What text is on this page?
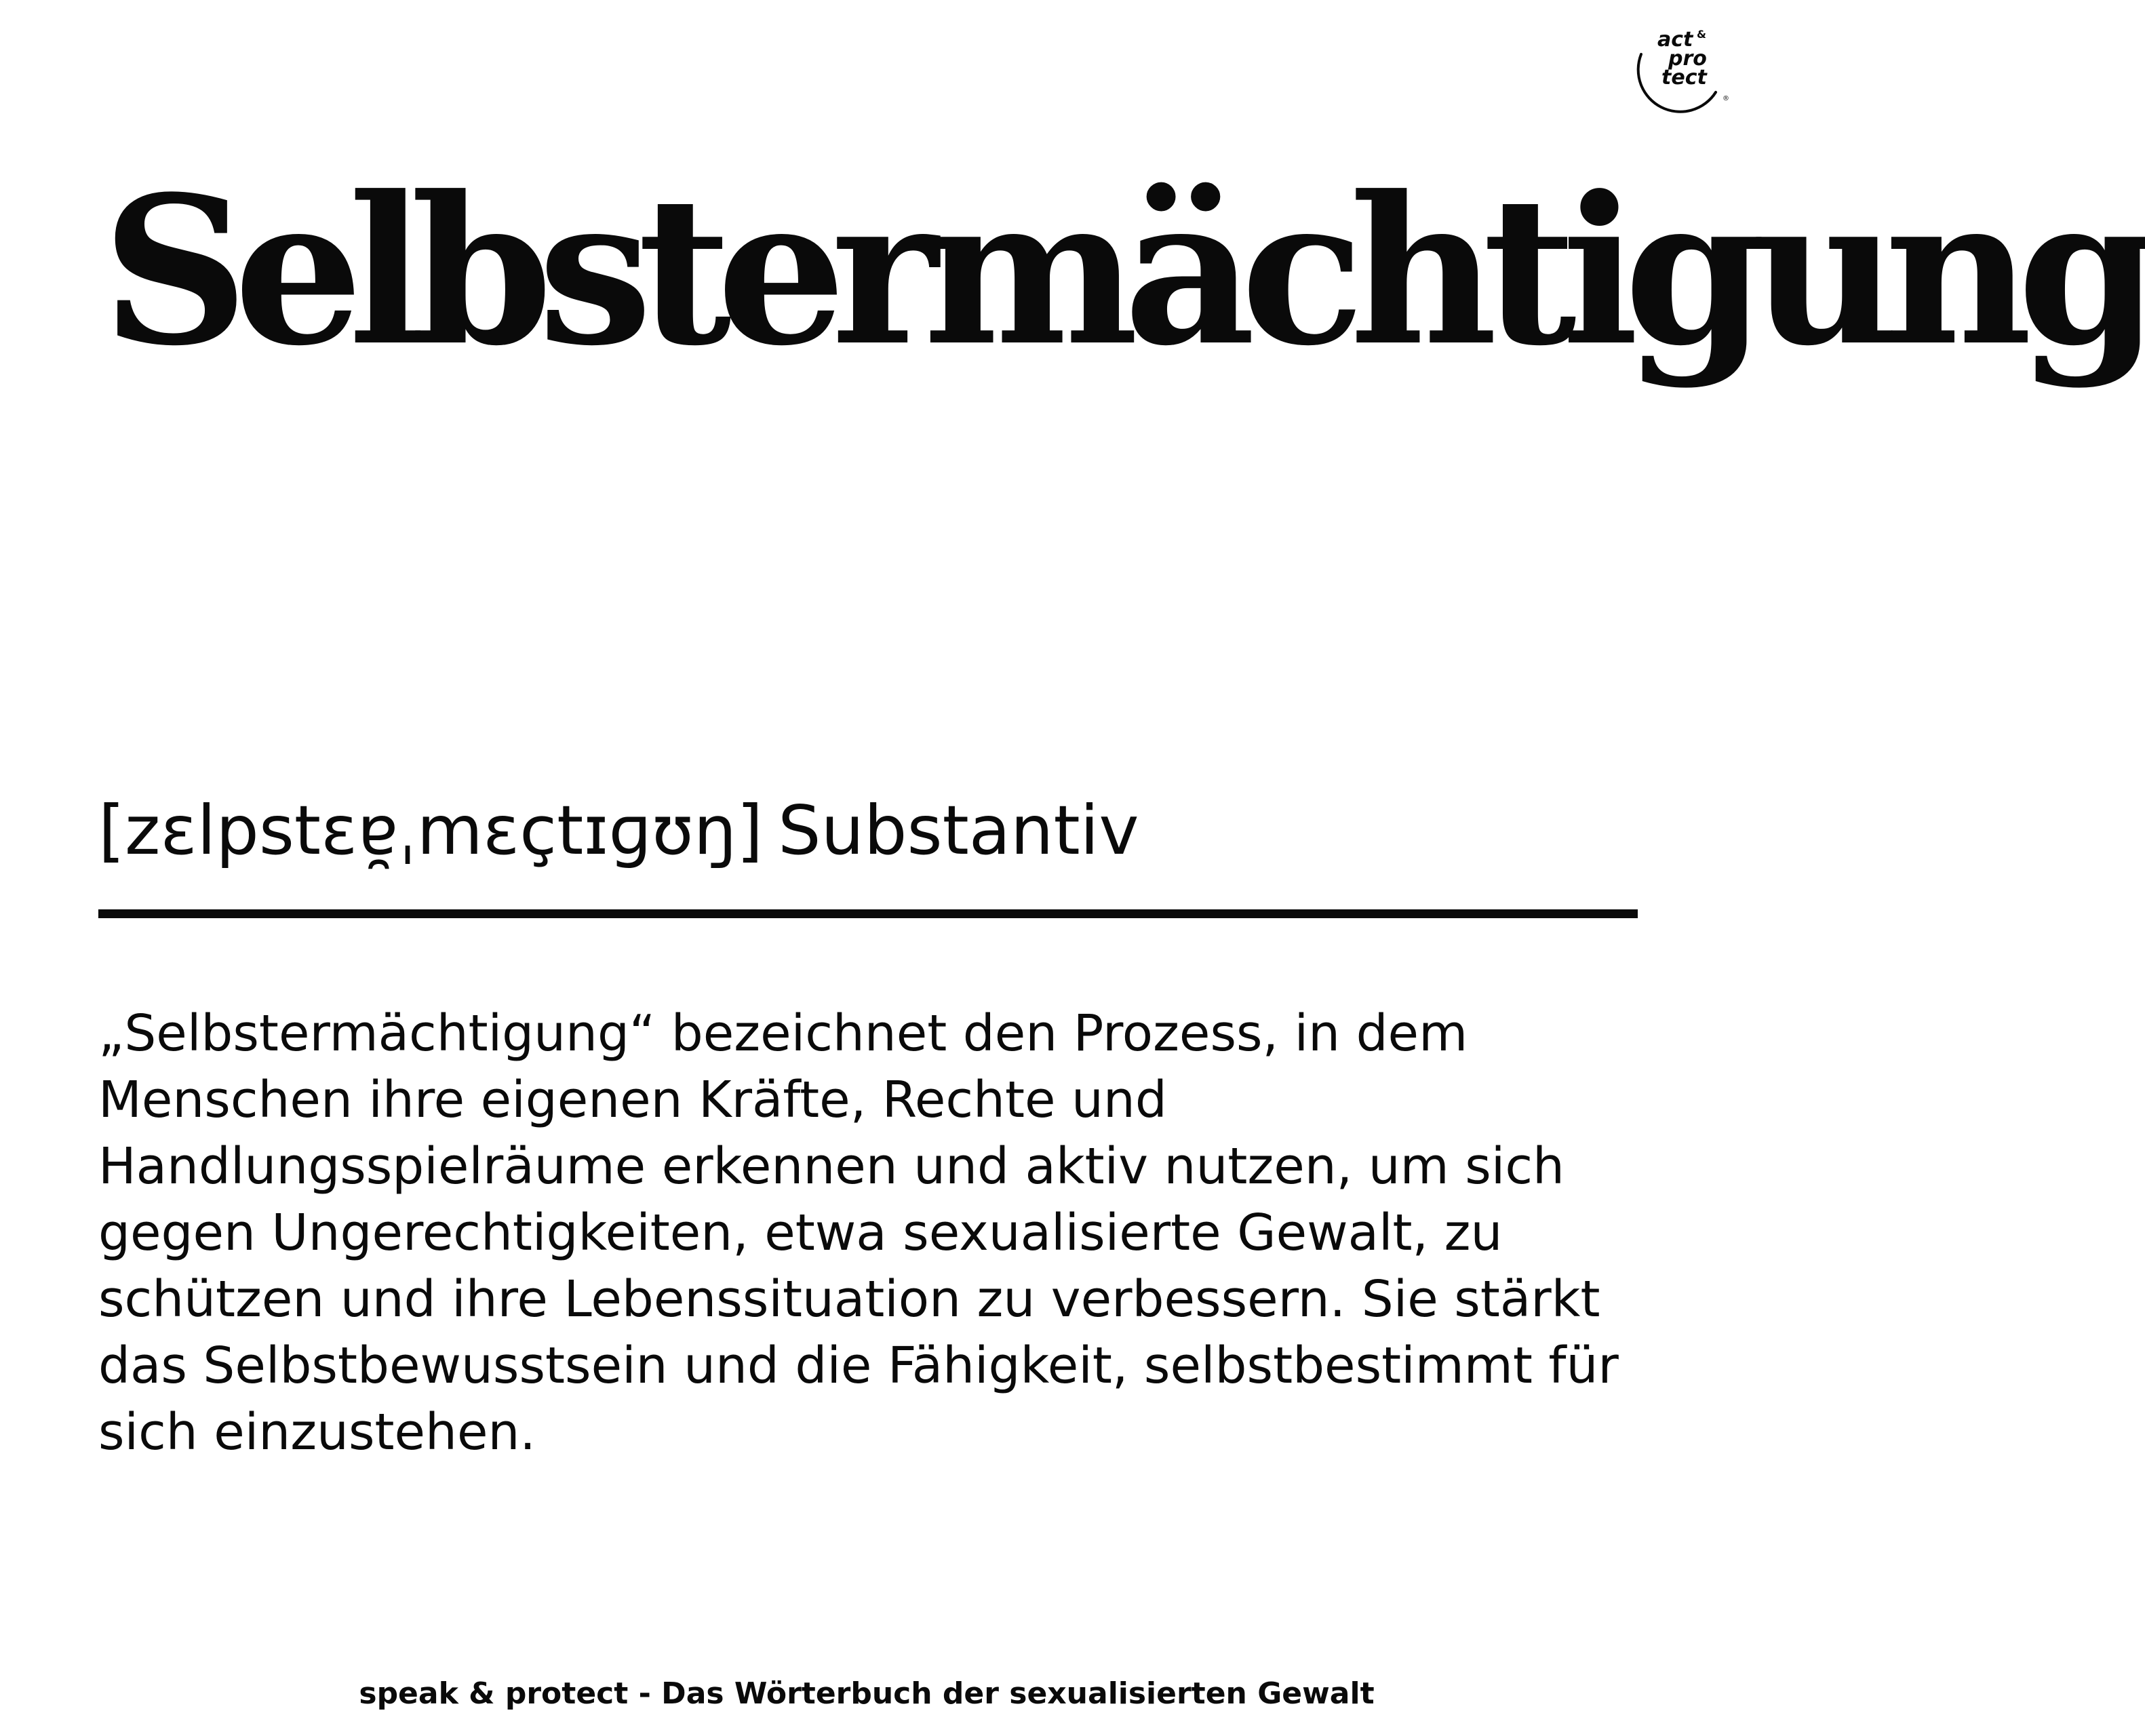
act &
pro
tect
®
Selbstermächtigung
[zɛlpstɛɐ̯ˌmɛçtɪɡʊŋ] Substantiv

„Selbstermächtigung“ bezeichnet den Prozess, in dem Menschen ihre eigenen Kräfte, Rechte und Handlungsspielräume erkennen und aktiv nutzen, um sich gegen Ungerechtigkeiten, etwa sexualisierte Gewalt, zu schützen und ihre Lebenssituation zu verbessern. Sie stärkt das Selbstbewusstsein und die Fähigkeit, selbstbestimmt für sich einzustehen.

speak & protect - Das Wörterbuch der sexualisierten Gewalt
